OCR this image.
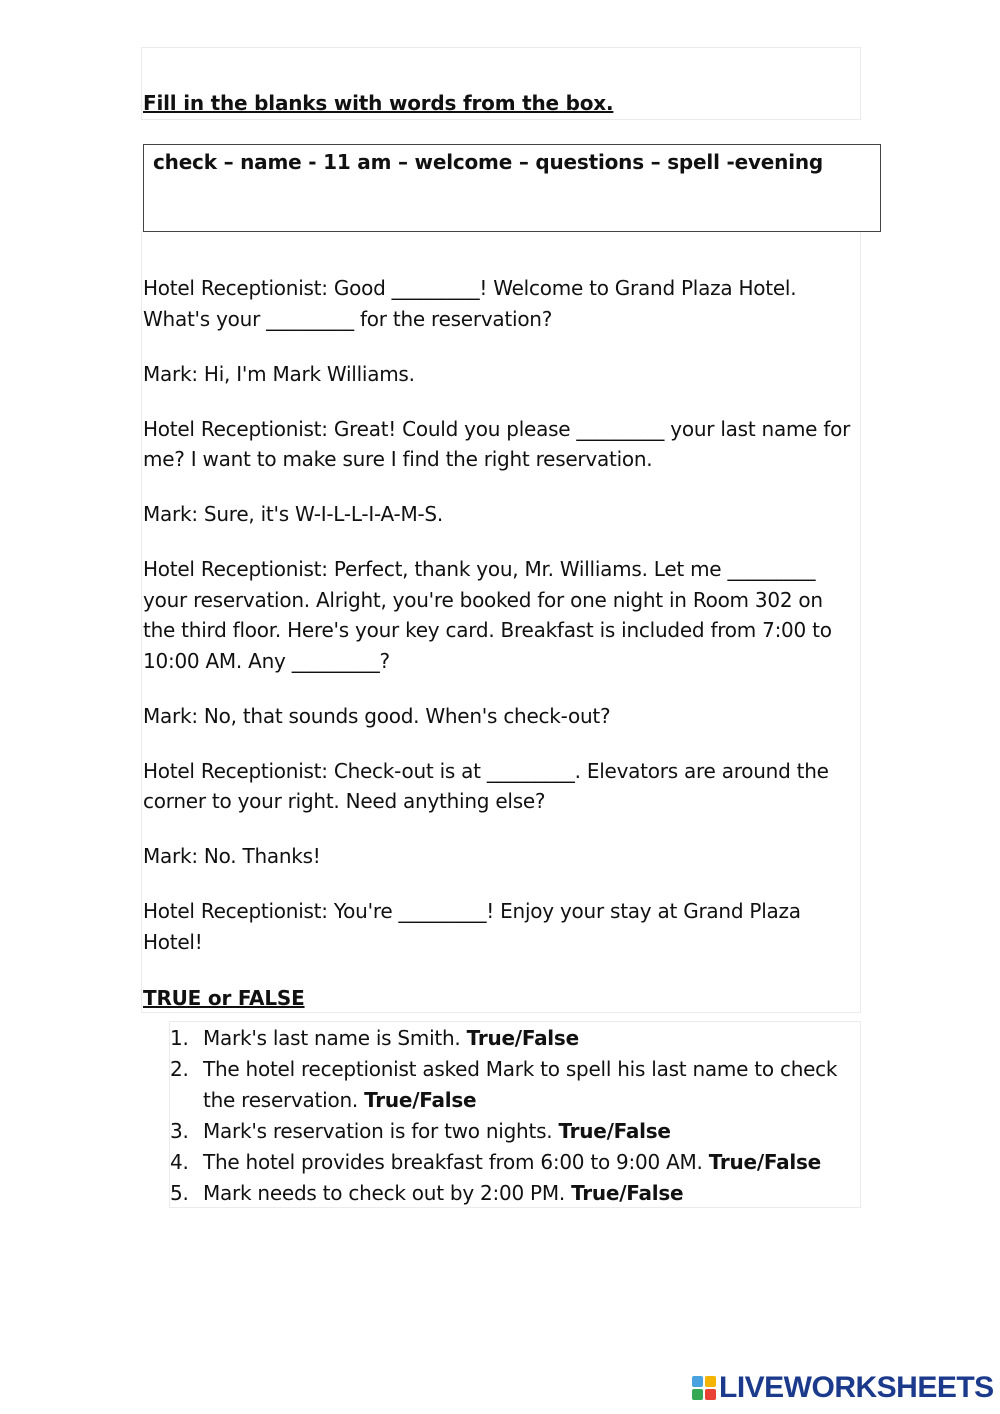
Fill in the blanks with words from the box.
check – name - 11 am – welcome – questions – spell -evening

Hotel Receptionist: Good _________! Welcome to Grand Plaza Hotel. What's your _________ for the reservation?

Mark: Hi, I'm Mark Williams.

Hotel Receptionist: Great! Could you please _________ your last name for me? I want to make sure I find the right reservation.

Mark: Sure, it's W-I-L-L-I-A-M-S.

Hotel Receptionist: Perfect, thank you, Mr. Williams. Let me _________ your reservation. Alright, you're booked for one night in Room 302 on the third floor. Here's your key card. Breakfast is included from 7:00 to 10:00 AM. Any _________?

Mark: No, that sounds good. When's check-out?

Hotel Receptionist: Check-out is at _________. Elevators are around the corner to your right. Need anything else?

Mark: No. Thanks!

Hotel Receptionist: You're _________! Enjoy your stay at Grand Plaza Hotel!

TRUE or FALSE
1. Mark's last name is Smith. True/False
2. The hotel receptionist asked Mark to spell his last name to check the reservation. True/False
3. Mark's reservation is for two nights. True/False
4. The hotel provides breakfast from 6:00 to 9:00 AM. True/False
5. Mark needs to check out by 2:00 PM. True/False
LIVEWORKSHEETS
